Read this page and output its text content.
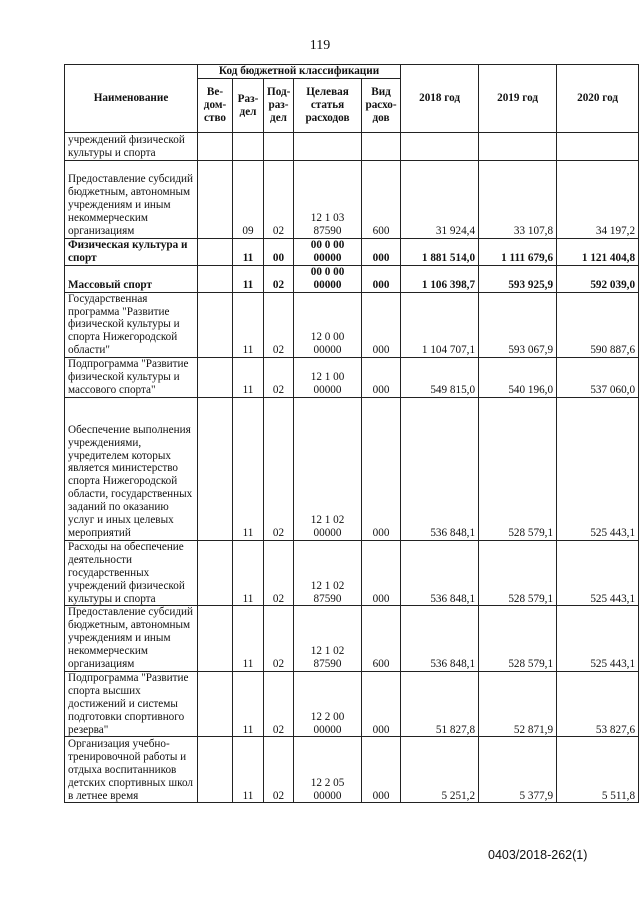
119
Наименование	Код бюджетной классификации					2018 год	2019 год	2020 год
	Ве-дом-ство	Раз-дел	Под-раз-дел	Целевая статья расходов	Вид расхо-дов			
учреждений физической культуры и спорта								
Предоставление субсидий бюджетным, автономным учреждениям и иным некоммерческим организациям		09	02	12 1 03 87590	600	31 924,4	33 107,8	34 197,2
Физическая культура и спорт		11	00	00 0 00 00000	000	1 881 514,0	1 111 679,6	1 121 404,8
Массовый спорт		11	02	00 0 00 00000	000	1 106 398,7	593 925,9	592 039,0
Государственная программа "Развитие физической культуры и спорта Нижегородской области"		11	02	12 0 00 00000	000	1 104 707,1	593 067,9	590 887,6
Подпрограмма "Развитие физической культуры и массового спорта"		11	02	12 1 00 00000	000	549 815,0	540 196,0	537 060,0
Обеспечение выполнения учреждениями, учредителем которых является министерство спорта Нижегородской области, государственных заданий по оказанию услуг и иных целевых мероприятий		11	02	12 1 02 00000	000	536 848,1	528 579,1	525 443,1
Расходы на обеспечение деятельности государственных учреждений физической культуры и спорта		11	02	12 1 02 87590	000	536 848,1	528 579,1	525 443,1
Предоставление субсидий бюджетным, автономным учреждениям и иным некоммерческим организациям		11	02	12 1 02 87590	600	536 848,1	528 579,1	525 443,1
Подпрограмма "Развитие спорта высших достижений и системы подготовки спортивного резерва"		11	02	12 2 00 00000	000	51 827,8	52 871,9	53 827,6
Организация учебно-тренировочной работы и отдыха воспитанников детских спортивных школ в летнее время		11	02	12 2 05 00000	000	5 251,2	5 377,9	5 511,8
0403/2018-262(1)
